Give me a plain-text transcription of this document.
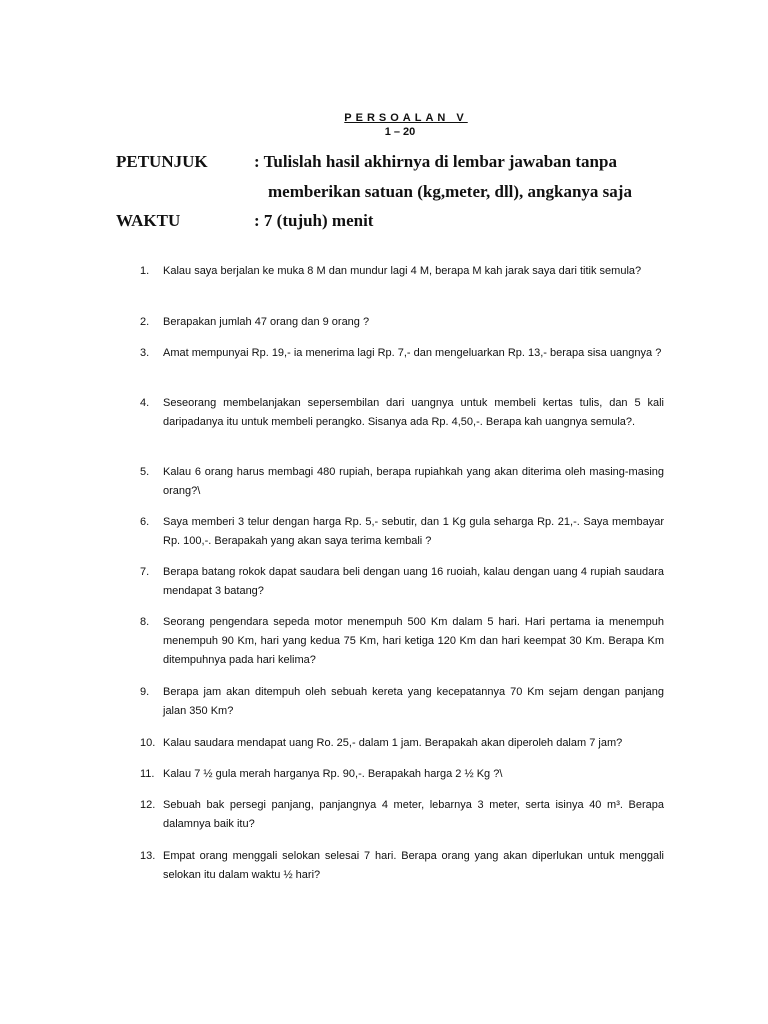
PERSOALAN V
1 – 20
PETUNJUK	: Tulislah hasil akhirnya di lembar jawaban tanpa
memberikan satuan (kg,meter, dll), angkanya saja
WAKTU	: 7 (tujuh) menit
1. Kalau saya berjalan ke muka 8 M dan mundur lagi 4 M, berapa M kah jarak saya dari titik semula?
2. Berapakan jumlah 47 orang dan 9 orang ?
3. Amat mempunyai Rp. 19,- ia menerima lagi Rp. 7,- dan mengeluarkan Rp. 13,- berapa sisa uangnya ?
4. Seseorang membelanjakan sepersembilan dari uangnya untuk membeli kertas tulis, dan 5 kali daripadanya itu untuk membeli perangko. Sisanya ada Rp. 4,50,-. Berapa kah uangnya semula?.
5. Kalau 6 orang harus membagi 480 rupiah, berapa rupiahkah yang akan diterima oleh masing-masing orang?\
6. Saya memberi 3 telur dengan harga Rp. 5,- sebutir, dan 1 Kg gula seharga Rp. 21,-. Saya membayar Rp. 100,-. Berapakah yang akan saya terima kembali ?
7. Berapa batang rokok dapat saudara beli dengan uang 16 ruoiah, kalau dengan uang 4 rupiah saudara mendapat 3 batang?
8. Seorang pengendara sepeda motor menempuh 500 Km dalam 5 hari. Hari pertama ia menempuh menempuh 90 Km, hari yang kedua 75 Km, hari ketiga 120 Km dan hari keempat 30 Km. Berapa Km ditempuhnya pada hari kelima?
9. Berapa jam akan ditempuh oleh sebuah kereta yang kecepatannya 70 Km sejam dengan panjang jalan 350 Km?
10. Kalau saudara mendapat uang Ro. 25,- dalam 1 jam. Berapakah akan diperoleh dalam 7 jam?
11. Kalau 7 ½ gula merah harganya Rp. 90,-. Berapakah harga 2 ½ Kg ?\
12. Sebuah bak persegi panjang, panjangnya 4 meter, lebarnya 3 meter, serta isinya 40 m³. Berapa dalamnya baik itu?
13. Empat orang menggali selokan selesai 7 hari. Berapa orang yang akan diperlukan untuk menggali selokan itu dalam waktu ½ hari?
